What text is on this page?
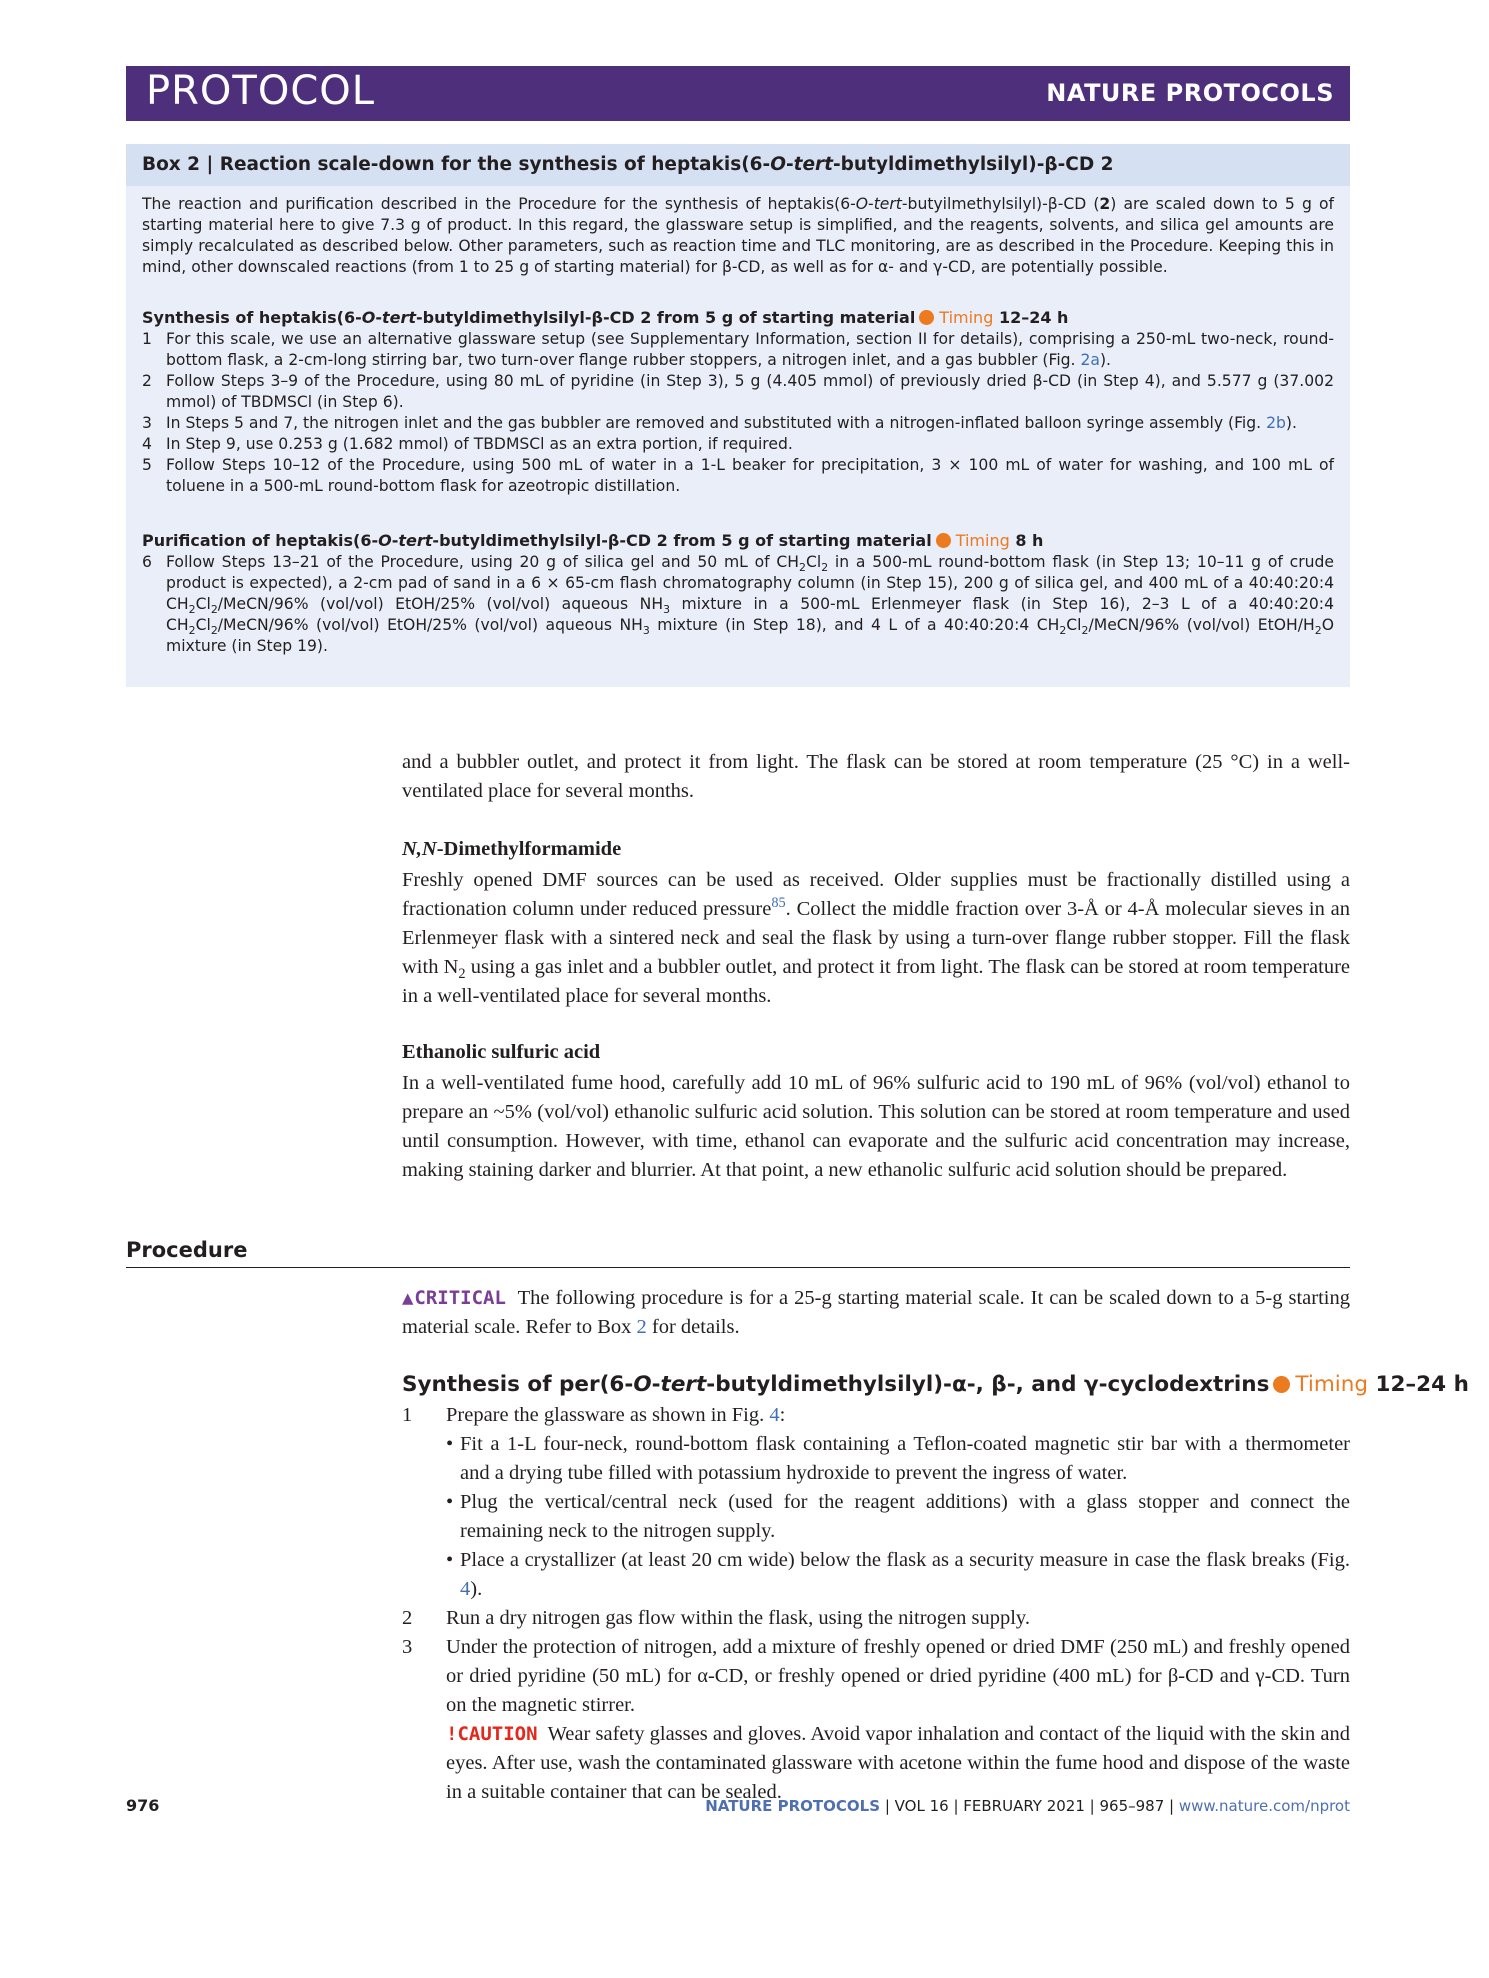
PROTOCOL	NATURE PROTOCOLS
Box 2 | Reaction scale-down for the synthesis of heptakis(6-O-tert-butyldimethylsilyl)-β-CD 2
The reaction and purification described in the Procedure for the synthesis of heptakis(6-O-tert-butyilmethylsilyl)-β-CD (2) are scaled down to 5 g of starting material here to give 7.3 g of product. In this regard, the glassware setup is simplified, and the reagents, solvents, and silica gel amounts are simply recalculated as described below. Other parameters, such as reaction time and TLC monitoring, are as described in the Procedure. Keeping this in mind, other downscaled reactions (from 1 to 25 g of starting material) for β-CD, as well as for α- and γ-CD, are potentially possible.
Synthesis of heptakis(6-O-tert-butyldimethylsilyl-β-CD 2 from 5 g of starting material Timing 12–24 h
1 For this scale, we use an alternative glassware setup (see Supplementary Information, section II for details), comprising a 250-mL two-neck, round-bottom flask, a 2-cm-long stirring bar, two turn-over flange rubber stoppers, a nitrogen inlet, and a gas bubbler (Fig. 2a).
2 Follow Steps 3–9 of the Procedure, using 80 mL of pyridine (in Step 3), 5 g (4.405 mmol) of previously dried β-CD (in Step 4), and 5.577 g (37.002 mmol) of TBDMSCl (in Step 6).
3 In Steps 5 and 7, the nitrogen inlet and the gas bubbler are removed and substituted with a nitrogen-inflated balloon syringe assembly (Fig. 2b).
4 In Step 9, use 0.253 g (1.682 mmol) of TBDMSCl as an extra portion, if required.
5 Follow Steps 10–12 of the Procedure, using 500 mL of water in a 1-L beaker for precipitation, 3 × 100 mL of water for washing, and 100 mL of toluene in a 500-mL round-bottom flask for azeotropic distillation.
Purification of heptakis(6-O-tert-butyldimethylsilyl-β-CD 2 from 5 g of starting material Timing 8 h
6 Follow Steps 13–21 of the Procedure, using 20 g of silica gel and 50 mL of $CH_2Cl_2$ in a 500-mL round-bottom flask (in Step 13; 10–11 g of crude product is expected), a 2-cm pad of sand in a 6 × 65-cm flash chromatography column (in Step 15), 200 g of silica gel, and 400 mL of a 40:40:20:4 $CH_2Cl_2/MeCN/96\%$ (vol/vol) EtOH/25% (vol/vol) aqueous $NH_3$ mixture in a 500-mL Erlenmeyer flask (in Step 16), 2–3 L of a 40:40:20:4 $CH_2Cl_2/MeCN/96\%$ (vol/vol) EtOH/25% (vol/vol) aqueous $NH_3$ mixture (in Step 18), and 4 L of a 40:40:20:4 $CH_2Cl_2/MeCN/96\%$ (vol/vol) EtOH/$H_2O$ mixture (in Step 19).
and a bubbler outlet, and protect it from light. The flask can be stored at room temperature (25 °C) in a well-ventilated place for several months.
N,N-Dimethylformamide
Freshly opened DMF sources can be used as received. Older supplies must be fractionally distilled using a fractionation column under reduced pressure$^{85}$. Collect the middle fraction over 3-Å or 4-Å molecular sieves in an Erlenmeyer flask with a sintered neck and seal the flask by using a turn-over flange rubber stopper. Fill the flask with $N_2$ using a gas inlet and a bubbler outlet, and protect it from light. The flask can be stored at room temperature in a well-ventilated place for several months.
Ethanolic sulfuric acid
In a well-ventilated fume hood, carefully add 10 mL of 96% sulfuric acid to 190 mL of 96% (vol/vol) ethanol to prepare an ~5% (vol/vol) ethanolic sulfuric acid solution. This solution can be stored at room temperature and used until consumption. However, with time, ethanol can evaporate and the sulfuric acid concentration may increase, making staining darker and blurrier. At that point, a new ethanolic sulfuric acid solution should be prepared.
Procedure
▲CRITICAL  The following procedure is for a 25-g starting material scale. It can be scaled down to a 5-g starting material scale. Refer to Box 2 for details.
Synthesis of per(6-O-tert-butyldimethylsilyl)-α-, β-, and γ-cyclodextrins Timing 12–24 h
1 Prepare the glassware as shown in Fig. 4:
• Fit a 1-L four-neck, round-bottom flask containing a Teflon-coated magnetic stir bar with a thermometer and a drying tube filled with potassium hydroxide to prevent the ingress of water.
• Plug the vertical/central neck (used for the reagent additions) with a glass stopper and connect the remaining neck to the nitrogen supply.
• Place a crystallizer (at least 20 cm wide) below the flask as a security measure in case the flask breaks (Fig. 4).
2 Run a dry nitrogen gas flow within the flask, using the nitrogen supply.
3 Under the protection of nitrogen, add a mixture of freshly opened or dried DMF (250 mL) and freshly opened or dried pyridine (50 mL) for α-CD, or freshly opened or dried pyridine (400 mL) for β-CD and γ-CD. Turn on the magnetic stirrer.
!CAUTION Wear safety glasses and gloves. Avoid vapor inhalation and contact of the liquid with the skin and eyes. After use, wash the contaminated glassware with acetone within the fume hood and dispose of the waste in a suitable container that can be sealed.
976	NATURE PROTOCOLS | VOL 16 | FEBRUARY 2021 | 965–987 | www.nature.com/nprot
